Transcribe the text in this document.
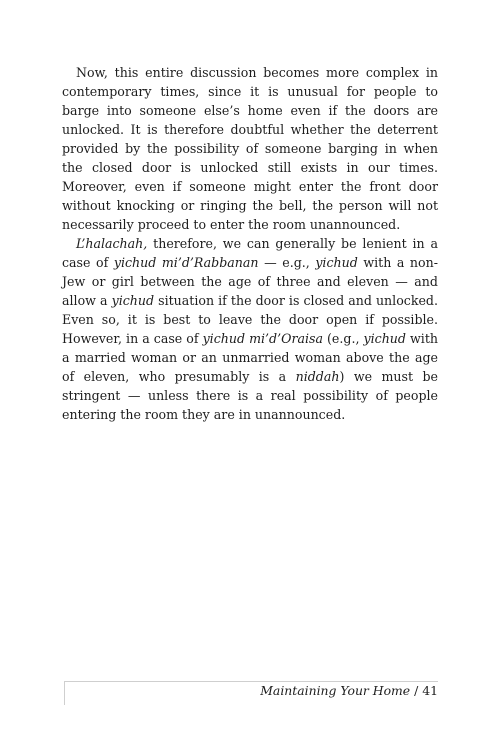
Now, this entire discussion becomes more complex in contemporary times, since it is unusual for people to barge into someone else’s home even if the doors are unlocked. It is therefore doubtful whether the deterrent provided by the possibility of someone barging in when the closed door is unlocked still exists in our times. Moreover, even if someone might enter the front door without knocking or ringing the bell, the person will not necessarily proceed to enter the room unannounced.

L’halachah, therefore, we can generally be lenient in a case of yichud mi’d’Rabbanan — e.g., yichud with a non-Jew or girl between the age of three and eleven — and allow a yichud situation if the door is closed and unlocked. Even so, it is best to leave the door open if possible. However, in a case of yichud mi’d’Oraisa (e.g., yichud with a married woman or an unmarried woman above the age of eleven, who presumably is a niddah) we must be stringent — unless there is a real possibility of people entering the room they are in unannounced.

Maintaining Your Home / 41
